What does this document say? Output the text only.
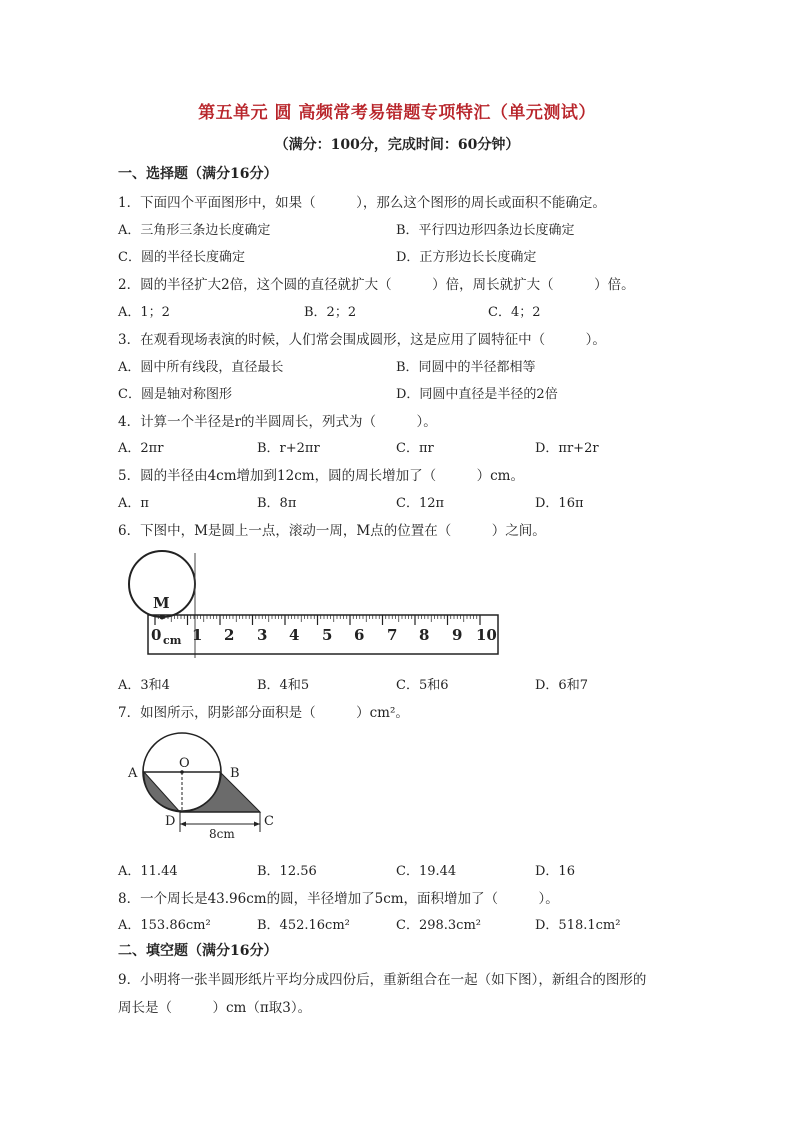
第五单元 圆 高频常考易错题专项特汇（单元测试）
（满分：100分，完成时间：60分钟）
一、选择题（满分16分）
1．下面四个平面图形中，如果（　　　），那么这个图形的周长或面积不能确定。
A．三角形三条边长度确定	B．平行四边形四条边长度确定
C．圆的半径长度确定	D．正方形边长长度确定
2．圆的半径扩大2倍，这个圆的直径就扩大（　　　）倍，周长就扩大（　　　）倍。
A．1；2	B．2；2	C．4；2
3．在观看现场表演的时候，人们常会围成圆形，这是应用了圆特征中（　　　）。
A．圆中所有线段，直径最长	B．同圆中的半径都相等
C．圆是轴对称图形	D．同圆中直径是半径的2倍
4．计算一个半径是r的半圆周长，列式为（　　　）。
A．2πr	B．r+2πr	C．πr	D．πr+2r
5．圆的半径由4cm增加到12cm，圆的周长增加了（　　　）cm。
A．π	B．8π	C．12π	D．16π
6．下图中，M是圆上一点，滚动一周，M点的位置在（　　　）之间。
M
0 cm 1 2 3 4 5 6 7 8 9 10
A．3和4	B．4和5	C．5和6	D．6和7
7．如图所示，阴影部分面积是（　　　）cm²。
A
O
B
C
D
8cm
A．11.44	B．12.56	C．19.44	D．16
8．一个周长是43.96cm的圆，半径增加了5cm，面积增加了（　　　）。
A．153.86cm²	B．452.16cm²	C．298.3cm²	D．518.1cm²
二、填空题（满分16分）
9．小明将一张半圆形纸片平均分成四份后，重新组合在一起（如下图），新组合的图形的
周长是（　　　）cm（π取3）。
